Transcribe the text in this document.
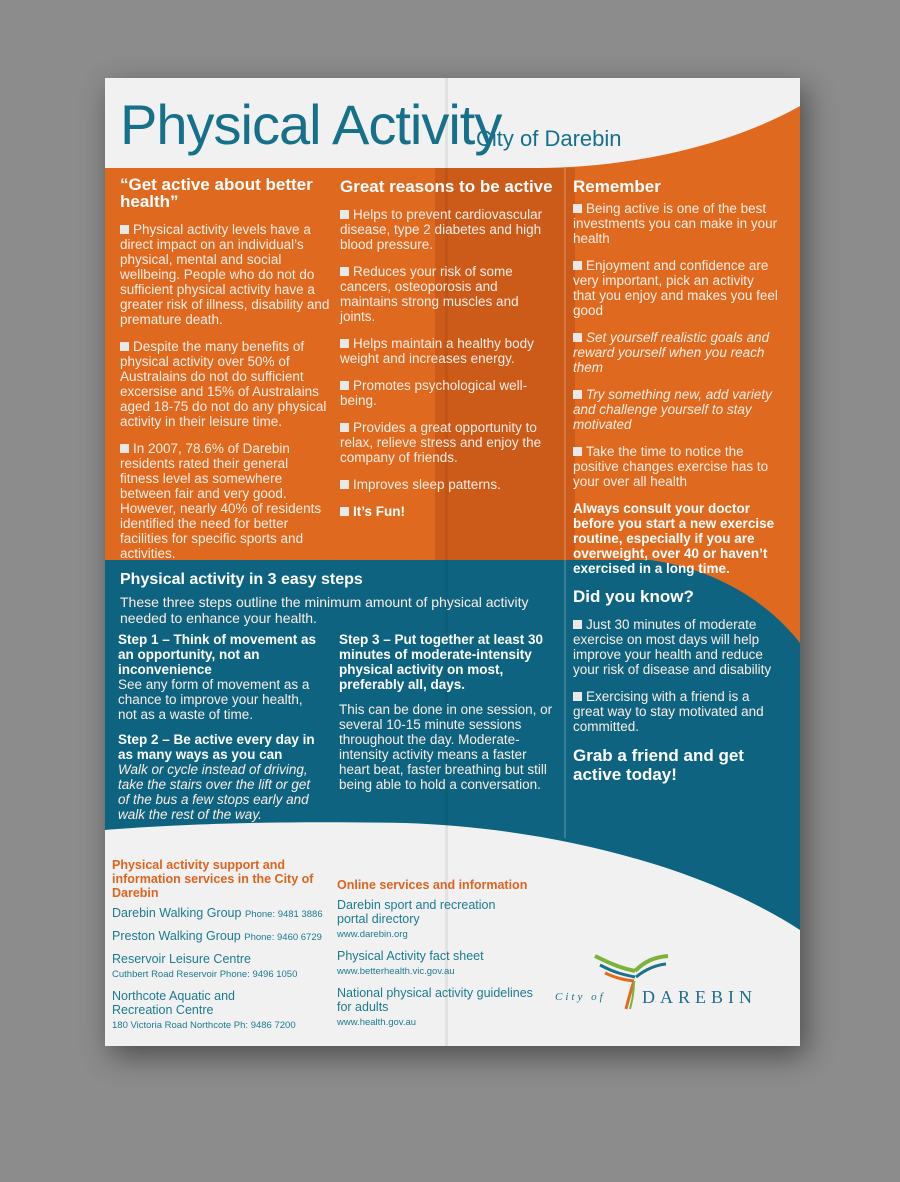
Physical Activity
City of Darebin
“Get active about better health”

Physical activity levels have a direct impact on an individual’s physical, mental and social wellbeing. People who do not do sufficient physical activity have a greater risk of illness, disability and premature death.

Despite the many benefits of physical activity over 50% of Australains do not do sufficient excersise and 15% of Australains aged 18-75 do not do any physical activity in their leisure time.

In 2007, 78.6% of Darebin residents rated their general fitness level as somewhere between fair and very good. However, nearly 40% of residents identified the need for better facilities for specific sports and activities.

Great reasons to be active

Helps to prevent cardiovascular disease, type 2 diabetes and high blood pressure.

Reduces your risk of some cancers, osteoporosis and maintains strong muscles and joints.

Helps maintain a healthy body weight and increases energy.

Promotes psychological well-being.

Provides a great opportunity to relax, relieve stress and enjoy the company of friends.

Improves sleep patterns.

It’s Fun!

Remember

Being active is one of the best investments you can make in your health

Enjoyment and confidence are very important, pick an activity that you enjoy and makes you feel good

Set yourself realistic goals and reward yourself when you reach them

Try something new, add variety and challenge yourself to stay motivated

Take the time to notice the positive changes exercise has to your over all health

Always consult your doctor before you start a new exercise routine, especially if you are overweight, over 40 or haven’t exercised in a long time.

Physical activity in 3 easy steps

These three steps outline the minimum amount of physical activity needed to enhance your health.

Step 1 – Think of movement as an opportunity, not an inconvenience

See any form of movement as a chance to improve your health, not as a waste of time.

Step 2 – Be active every day in as many ways as you can

Walk or cycle instead of driving, take the stairs over the lift or get of the bus a few stops early and walk the rest of the way.

Step 3 – Put together at least 30 minutes of moderate-intensity physical activity on most, preferably all, days.

This can be done in one session, or several 10-15 minute sessions throughout the day. Moderate-intensity activity means a faster heart beat, faster breathing but still being able to hold a conversation.

Did you know?

Just 30 minutes of moderate exercise on most days will help improve your health and reduce your risk of disease and disability

Exercising with a friend is a great way to stay motivated and committed.

Grab a friend and get active today!
Physical activity support and information services in the City of Darebin
Darebin Walking Group Phone: 9481 3886
Preston Walking Group Phone: 9460 6729
Reservoir Leisure Centre
Cuthbert Road Reservoir Phone: 9496 1050
Northcote Aquatic and Recreation Centre
180 Victoria Road Northcote Ph: 9486 7200
Online services and information
Darebin sport and recreation portal directory
www.darebin.org
Physical Activity fact sheet
www.betterhealth.vic.gov.au
National physical activity guidelines for adults
www.health.gov.au
City of DAREBIN
